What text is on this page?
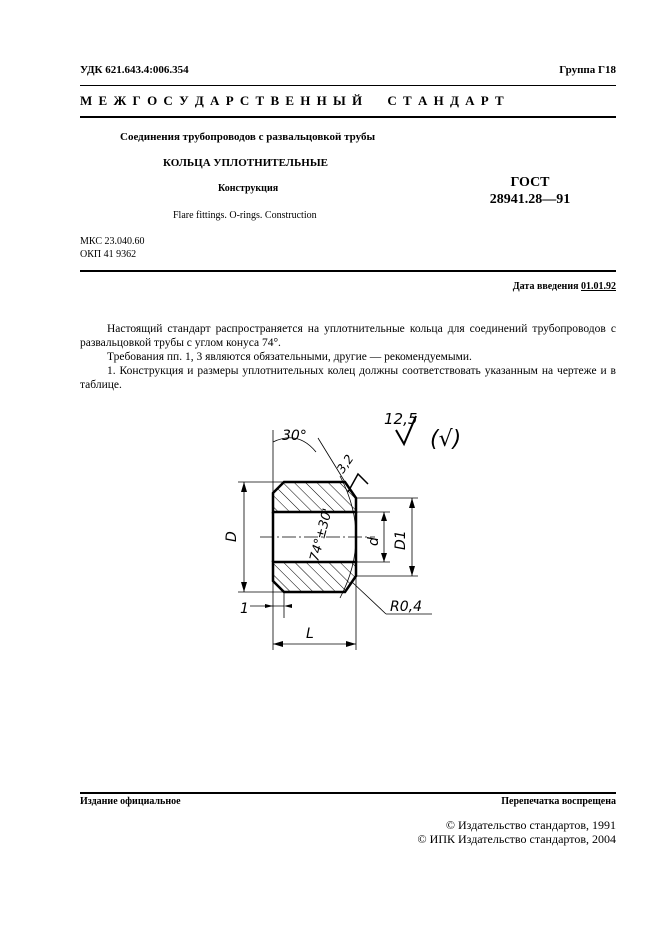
УДК 621.643.4:006.354	Группа Г18
М Е Ж Г О С У Д А Р С Т В Е Н Н Ы Й     С Т А Н Д А Р Т
Соединения трубопроводов с развальцовкой трубы
КОЛЬЦА УПЛОТНИТЕЛЬНЫЕ
Конструкция
Flare fittings. O-rings. Construction
ГОСТ
28941.28—91
МКС 23.040.60
ОКП 41 9362
Дата введения 01.01.92

Настоящий стандарт распространяется на уплотнительные кольца для соединений трубопроводов с развальцовкой трубы с углом конуса 74°.

Требования пп. 1, 3 являются обязательными, другие — рекомендуемыми.

1. Конструкция и размеры уплотнительных колец должны соответствовать указанным на чертеже и в таблице.

12,5
(√)
D	d D1
74°±30'
30°
3,2
1
L
R0,4
Издание официальное	Перепечатка воспрещена
© Издательство стандартов, 1991
© ИПК Издательство стандартов, 2004
